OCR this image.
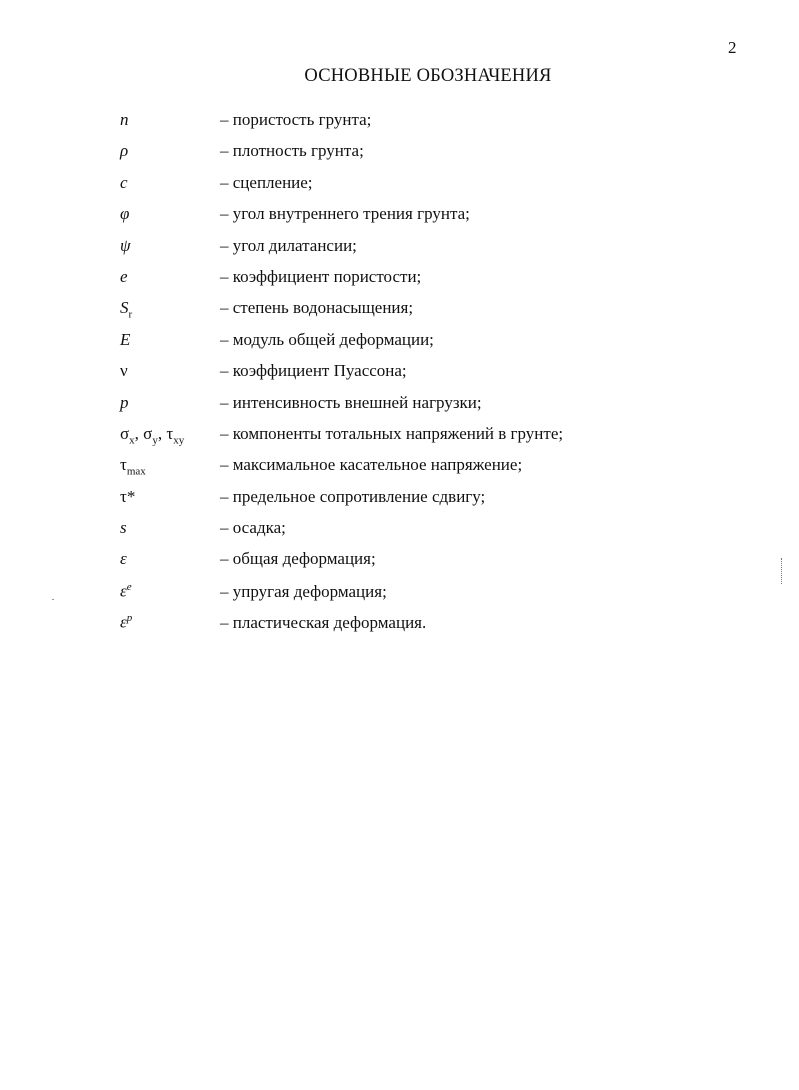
2
ОСНОВНЫЕ ОБОЗНАЧЕНИЯ
n	– пористость грунта;
ρ	– плотность грунта;
c	– сцепление;
φ	– угол внутреннего трения грунта;
ψ	– угол дилатансии;
e	– коэффициент пористости;
$S_r$	– степень водонасыщения;
E	– модуль общей деформации;
ν	– коэффициент Пуассона;
p	– интенсивность внешней нагрузки;
$\sigma_x$, $\sigma_y$, $\tau_{xy}$	– компоненты тотальных напряжений в грунте;
$\tau_{max}$	– максимальное касательное напряжение;
τ*	– предельное сопротивление сдвигу;
s	– осадка;
ε	– общая деформация;
$\varepsilon^e$	– упругая деформация;
$\varepsilon^p$	– пластическая деформация.
